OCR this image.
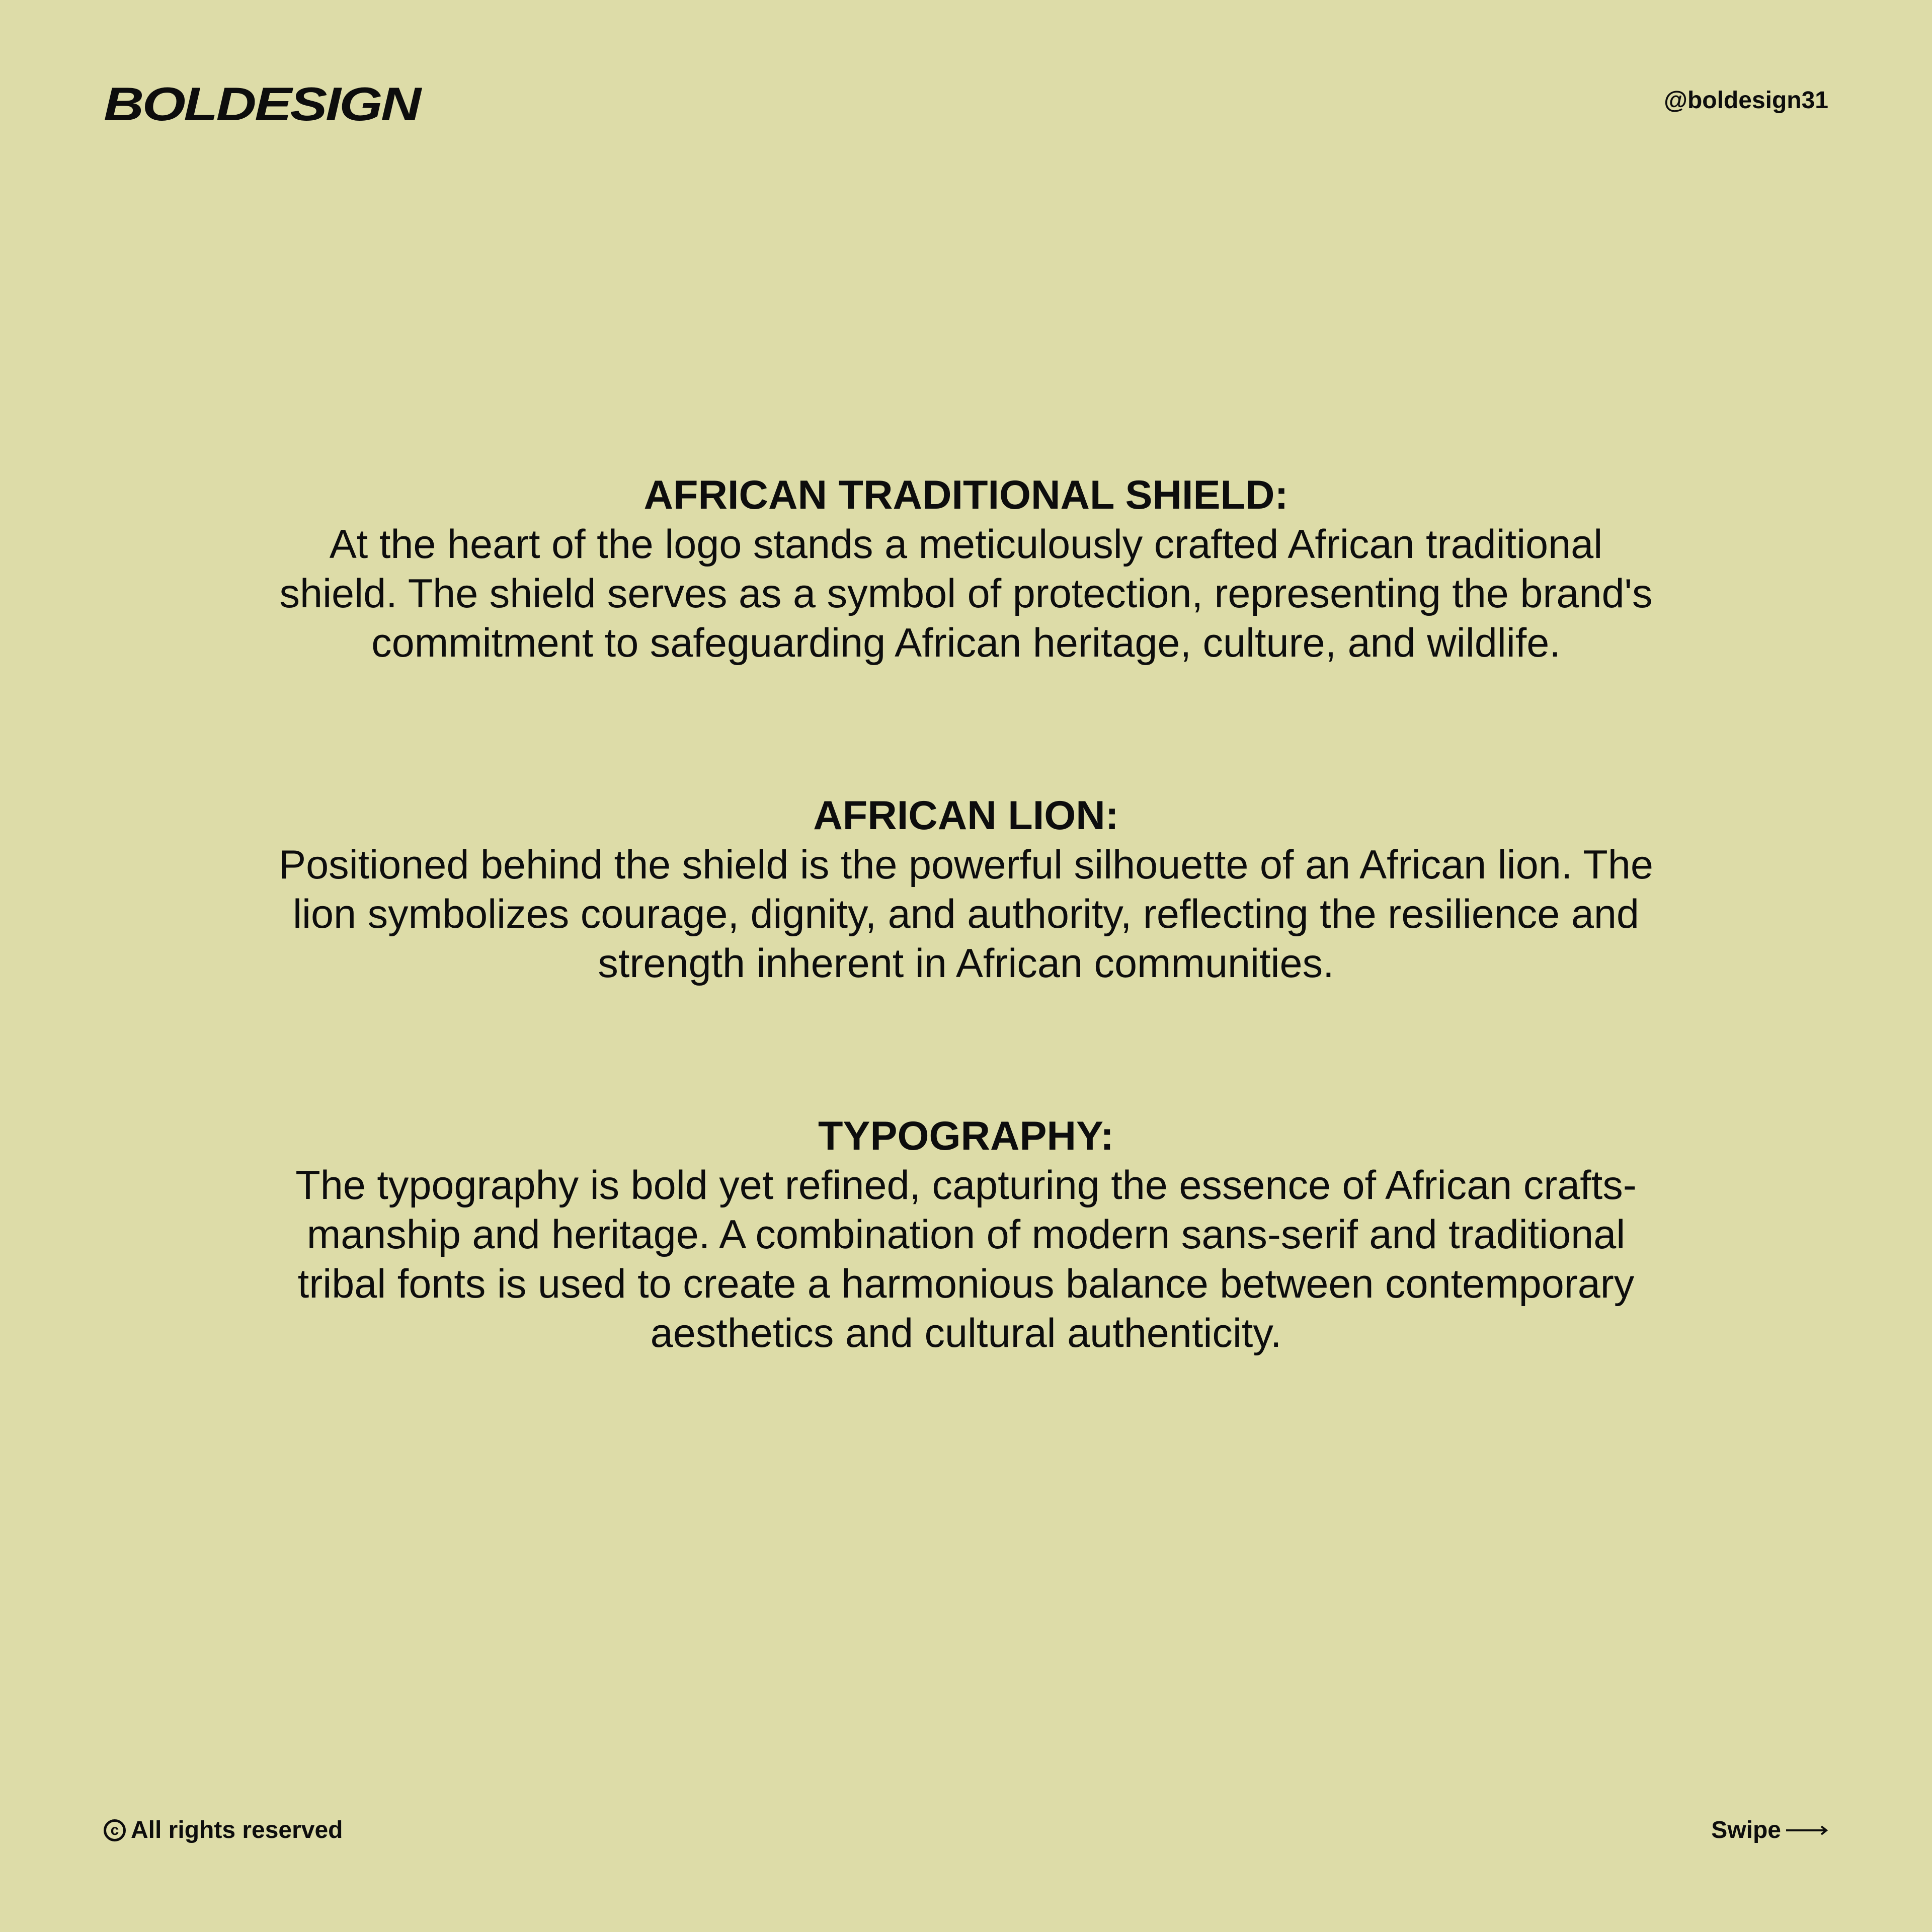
BOLDESIGN	@boldesign31

AFRICAN TRADITIONAL SHIELD:

At the heart of the logo stands a meticulously crafted African traditional shield. The shield serves as a symbol of protection, representing the brand's commitment to safeguarding African heritage, culture, and wildlife.

AFRICAN LION:

Positioned behind the shield is the powerful silhouette of an African lion. The lion symbolizes courage, dignity, and authority, reflecting the resilience and strength inherent in African communities.

TYPOGRAPHY:

The typography is bold yet refined, capturing the essence of African crafts-manship and heritage. A combination of modern sans-serif and traditional tribal fonts is used to create a harmonious balance between contemporary aesthetics and cultural authenticity.

c All rights reserved	Swipe
